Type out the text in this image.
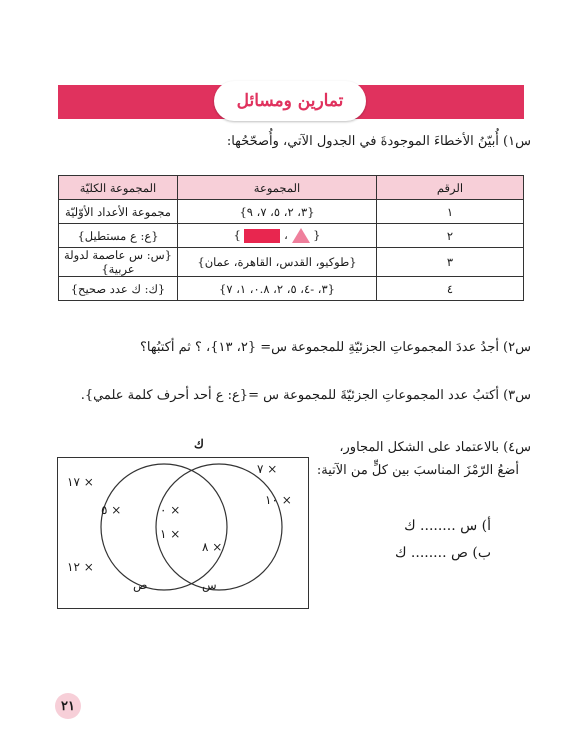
تمارين ومسائل
س١) أُبيّنُ الأخطاءَ الموجودةَ في الجدول الآتي، وأُصحّحُها:
الرقم	المجموعة	المجموعة الكليّة
١	{٣، ٢، ٥، ٧، ٩}	مجموعة الأعداد الأوّليّة
٢	{  ،  }	{ع: ع مستطيل}
٣	{طوكيو، القدس، القاهرة، عمان}	{س: س عاصمة لدولة عربية}
٤	{٣، -٤، ٥، ٢، ٠.٨، ١، ٧}	{ك: ك عدد صحيح}
س٢) أجدُ عددَ المجموعاتِ الجزئيّةِ للمجموعة س= {٢، ١٣}، ؟ ثم أكتبُها؟
س٣) أكتبُ عدد المجموعاتِ الجزئيّةَ للمجموعة س ={ع: ع أحد أحرف كلمة علمي}.
س٤) بالاعتماد على الشكل المجاور،
أضعُ الرّمْزَ المناسبَ بين كلٍّ من الآتية:
أ) س ........ ك
ب) ص ........ ك
ك
١٧ ×
١٢ ×
٥ ×	٠ ×
١ ×
٧ ×
١٠ ×
٨ ×
ص	س
٢١
